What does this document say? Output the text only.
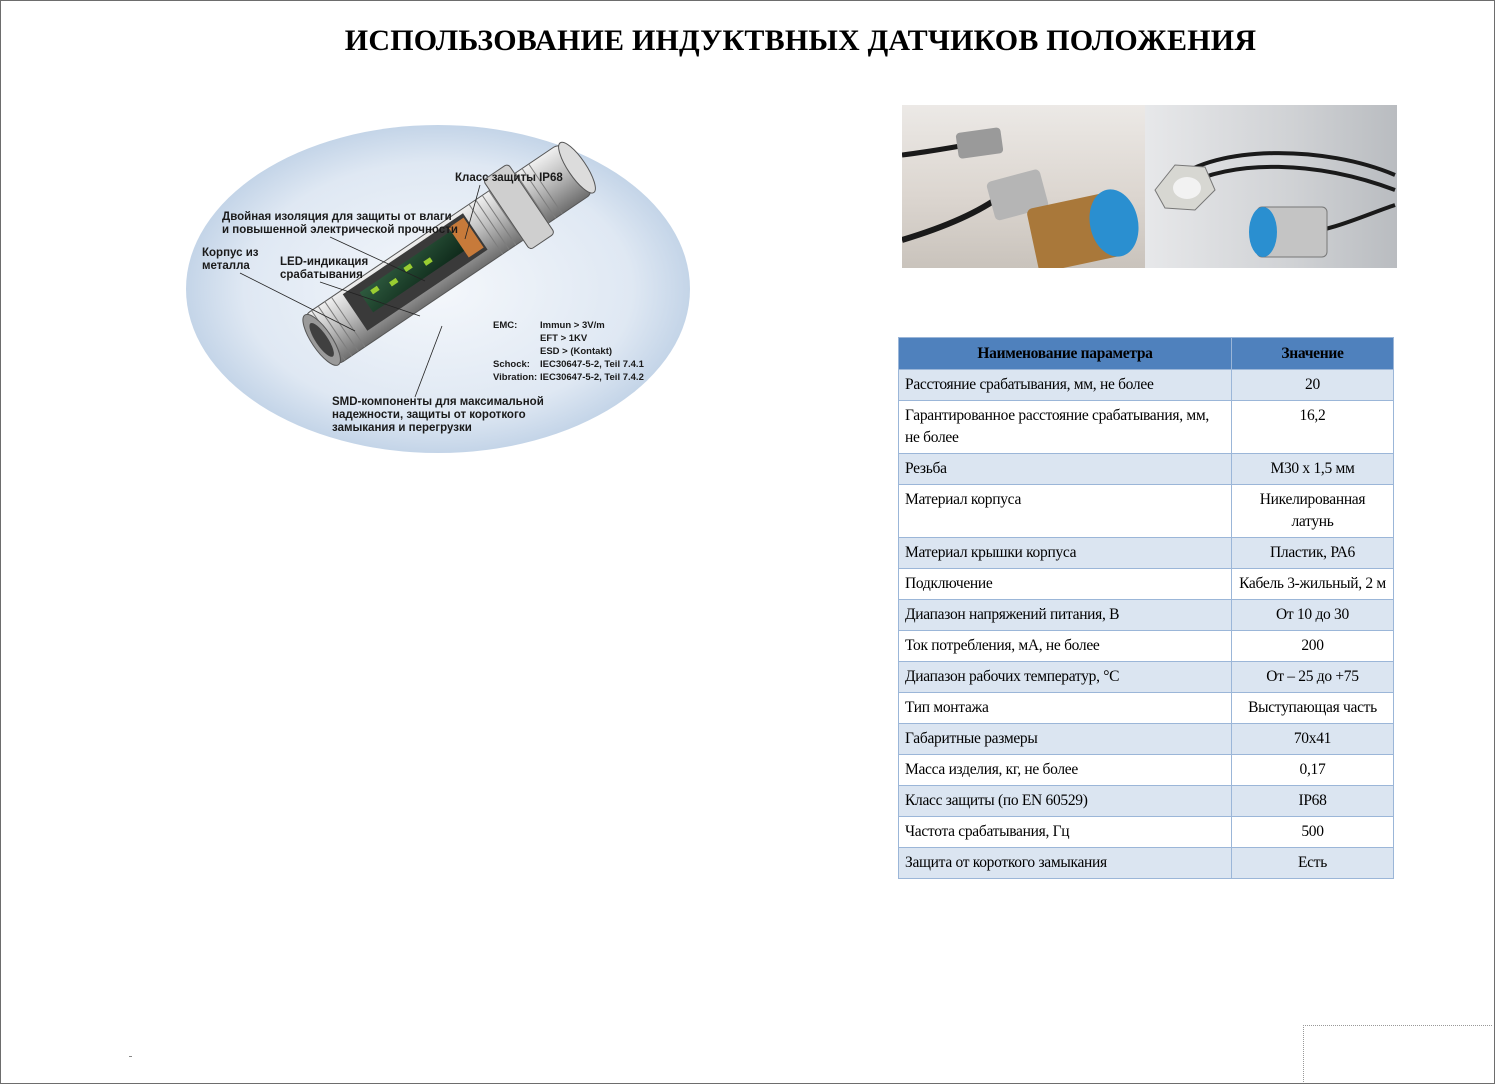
ИСПОЛЬЗОВАНИЕ ИНДУКТВНЫХ ДАТЧИКОВ ПОЛОЖЕНИЯ
Класс защиты IP68
Двойная изоляция для защиты от влаги
и повышенной электрической прочности
Корпус из
металла	LED-индикация
срабатывания
SMD-компоненты для максимальной
надежности, защиты от короткого
замыкания и перегрузки
EMC: Immun > 3V/m
EFT > 1KV
ESD > (Kontakt)
Schock: IEC30647-5-2, Teil 7.4.1
Vibration: IEC30647-5-2, Teil 7.4.2
Наименование параметра	Значение
Расстояние срабатывания, мм, не более	20
Гарантированное расстояние срабатывания, мм, не более	16,2
Резьба	М30 х 1,5 мм
Материал корпуса	Никелированная латунь
Материал крышки корпуса	Пластик, РА6
Подключение	Кабель 3-жильный, 2 м
Диапазон напряжений питания, В	От 10 до 30
Ток потребления, мА, не более	200
Диапазон рабочих температур, °С	От – 25 до +75
Тип монтажа	Выступающая часть
Габаритные размеры	70х41
Масса изделия, кг, не более	0,17
Класс защиты (по EN 60529)	IP68
Частота срабатывания, Гц	500
Защита от короткого замыкания	Есть
